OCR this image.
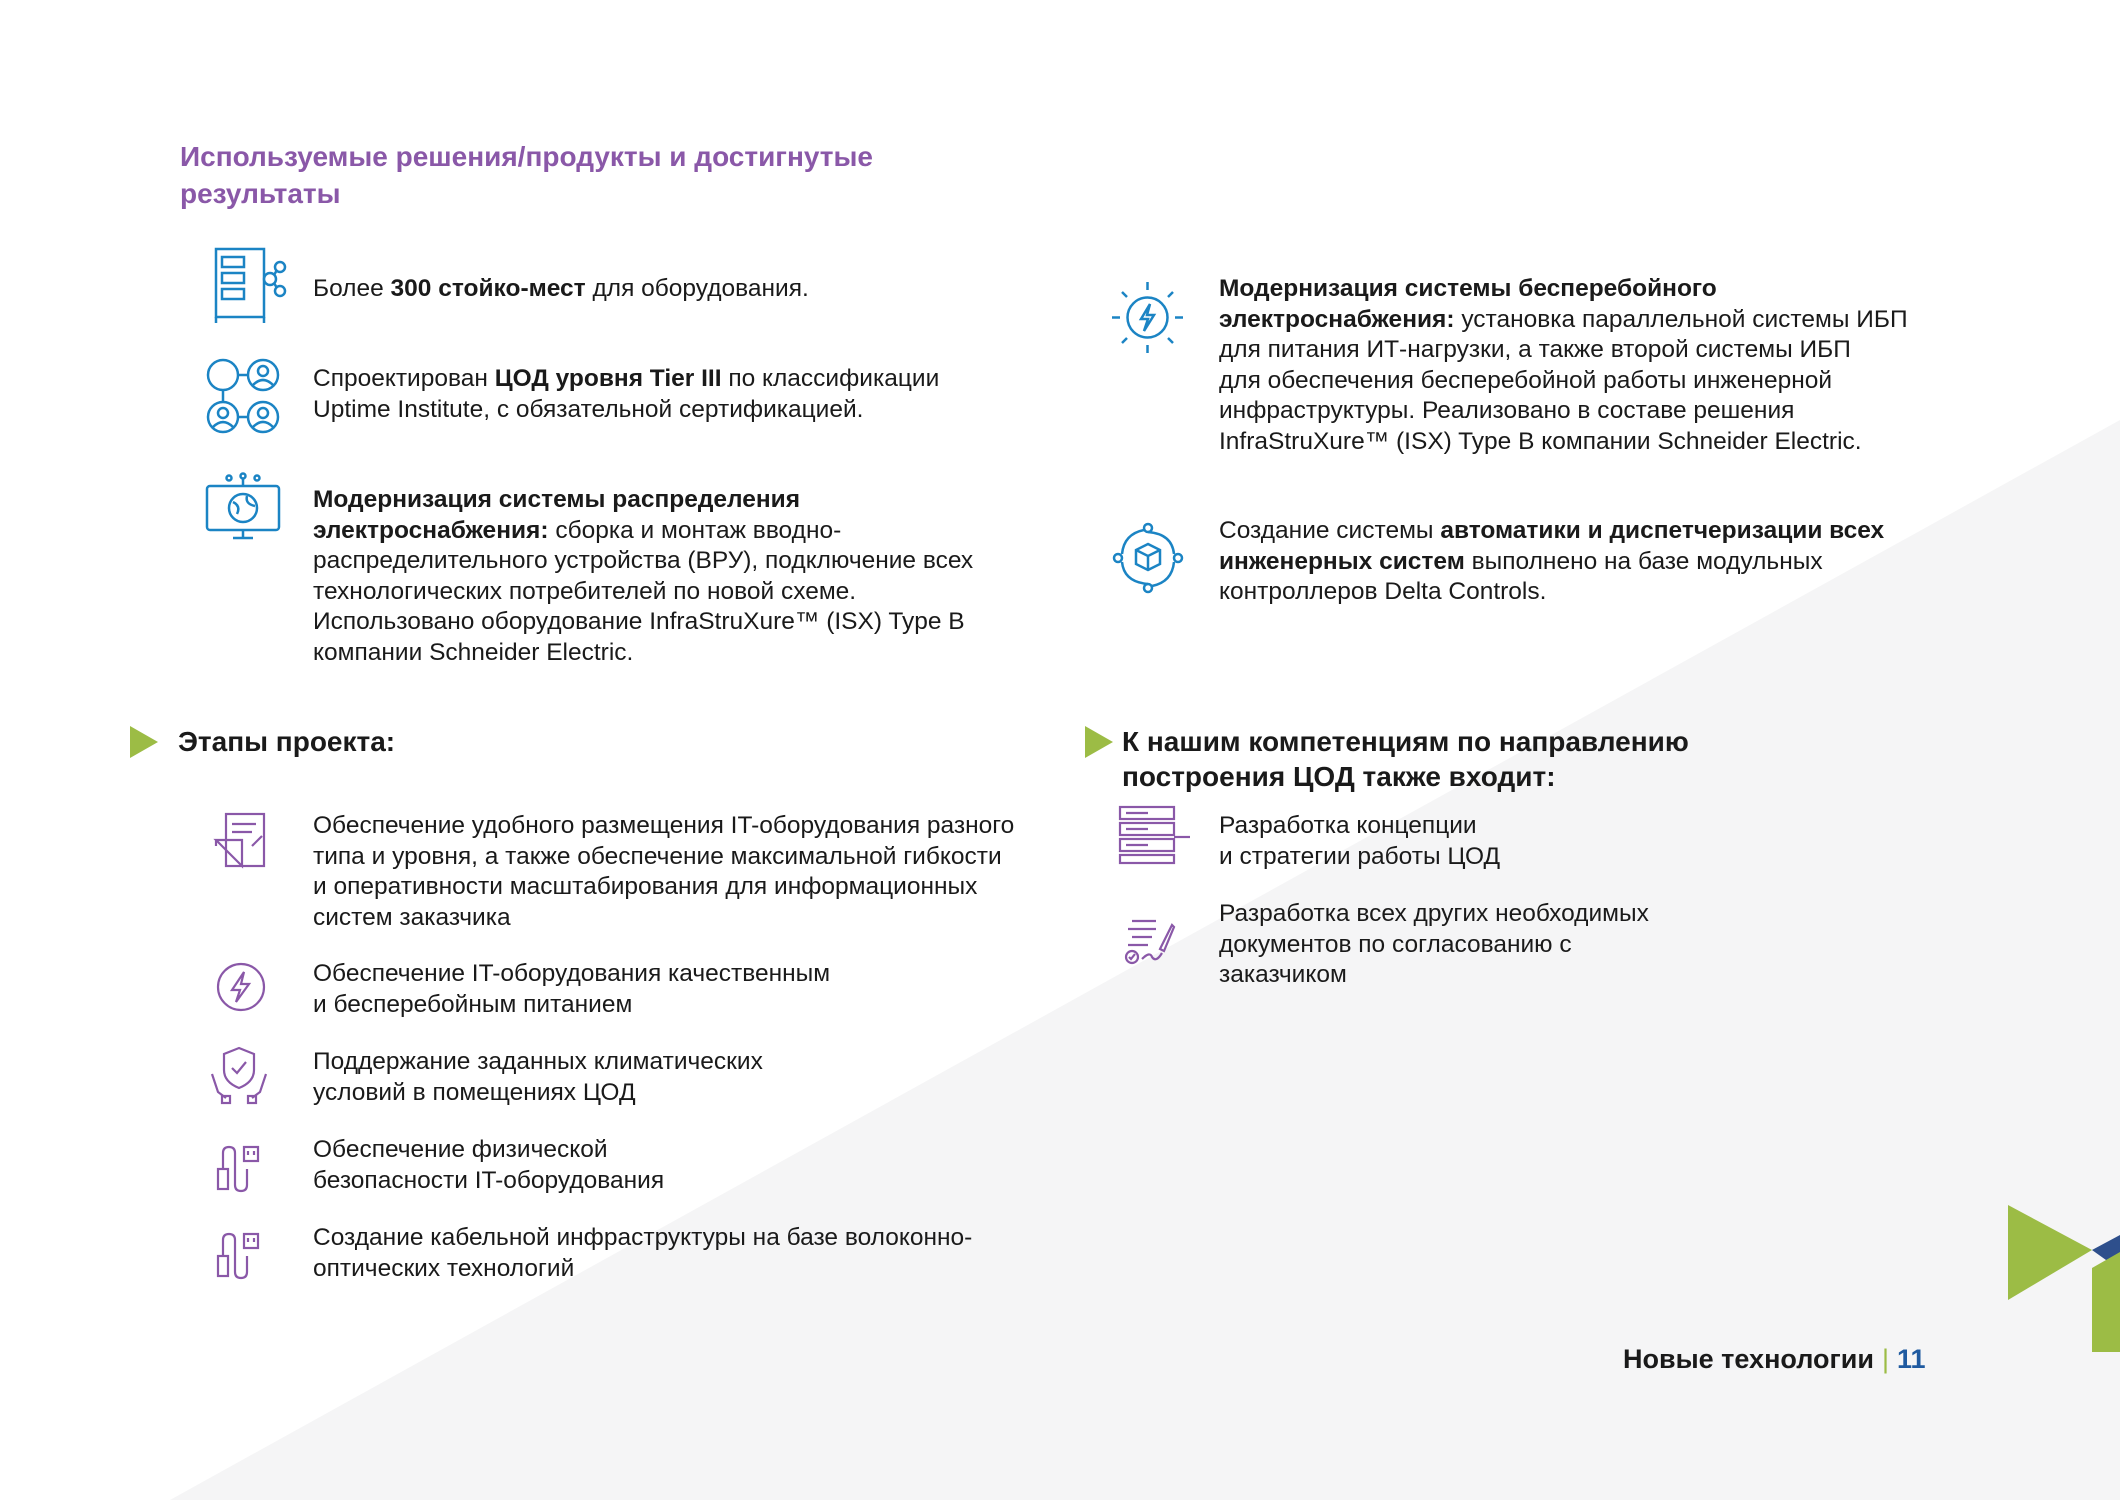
Используемые решения/продукты и достигнутые
результаты
Более 300 стойко-мест для оборудования.
Спроектирован ЦОД уровня Tier III по классификации
Uptime Institute, с обязательной сертификацией.
Модернизация системы распределения
электроснабжения: сборка и монтаж вводно-
распределительного устройства (ВРУ), подключение всех
технологических потребителей по новой схеме.
Использовано оборудование InfraStruXure™ (ISX) Type B
компании Schneider Electric.
Модернизация системы бесперебойного
электроснабжения: установка параллельной системы ИБП
для питания ИТ-нагрузки, а также второй системы ИБП
для обеспечения бесперебойной работы инженерной
инфраструктуры. Реализовано в составе решения
InfraStruXure™ (ISX) Type B компании Schneider Electric.
Создание системы автоматики и диспетчеризации всех
инженерных систем выполнено на базе модульных
контроллеров Delta Controls.
Этапы проекта:
Обеспечение удобного размещения IT-оборудования разного
типа и уровня, а также обеспечение максимальной гибкости
и оперативности масштабирования для информационных
систем заказчика
Обеспечение IT-оборудования качественным
и бесперебойным питанием
Поддержание заданных климатических
условий в помещениях ЦОД
Обеспечение физической
безопасности IT-оборудования
Создание кабельной инфраструктуры на базе волоконно-
оптических технологий
К нашим компетенциям по направлению
построения ЦОД также входит:
Разработка концепции
и стратегии работы ЦОД
Разработка всех других необходимых
документов по согласованию с
заказчиком
Новые технологии | 11
